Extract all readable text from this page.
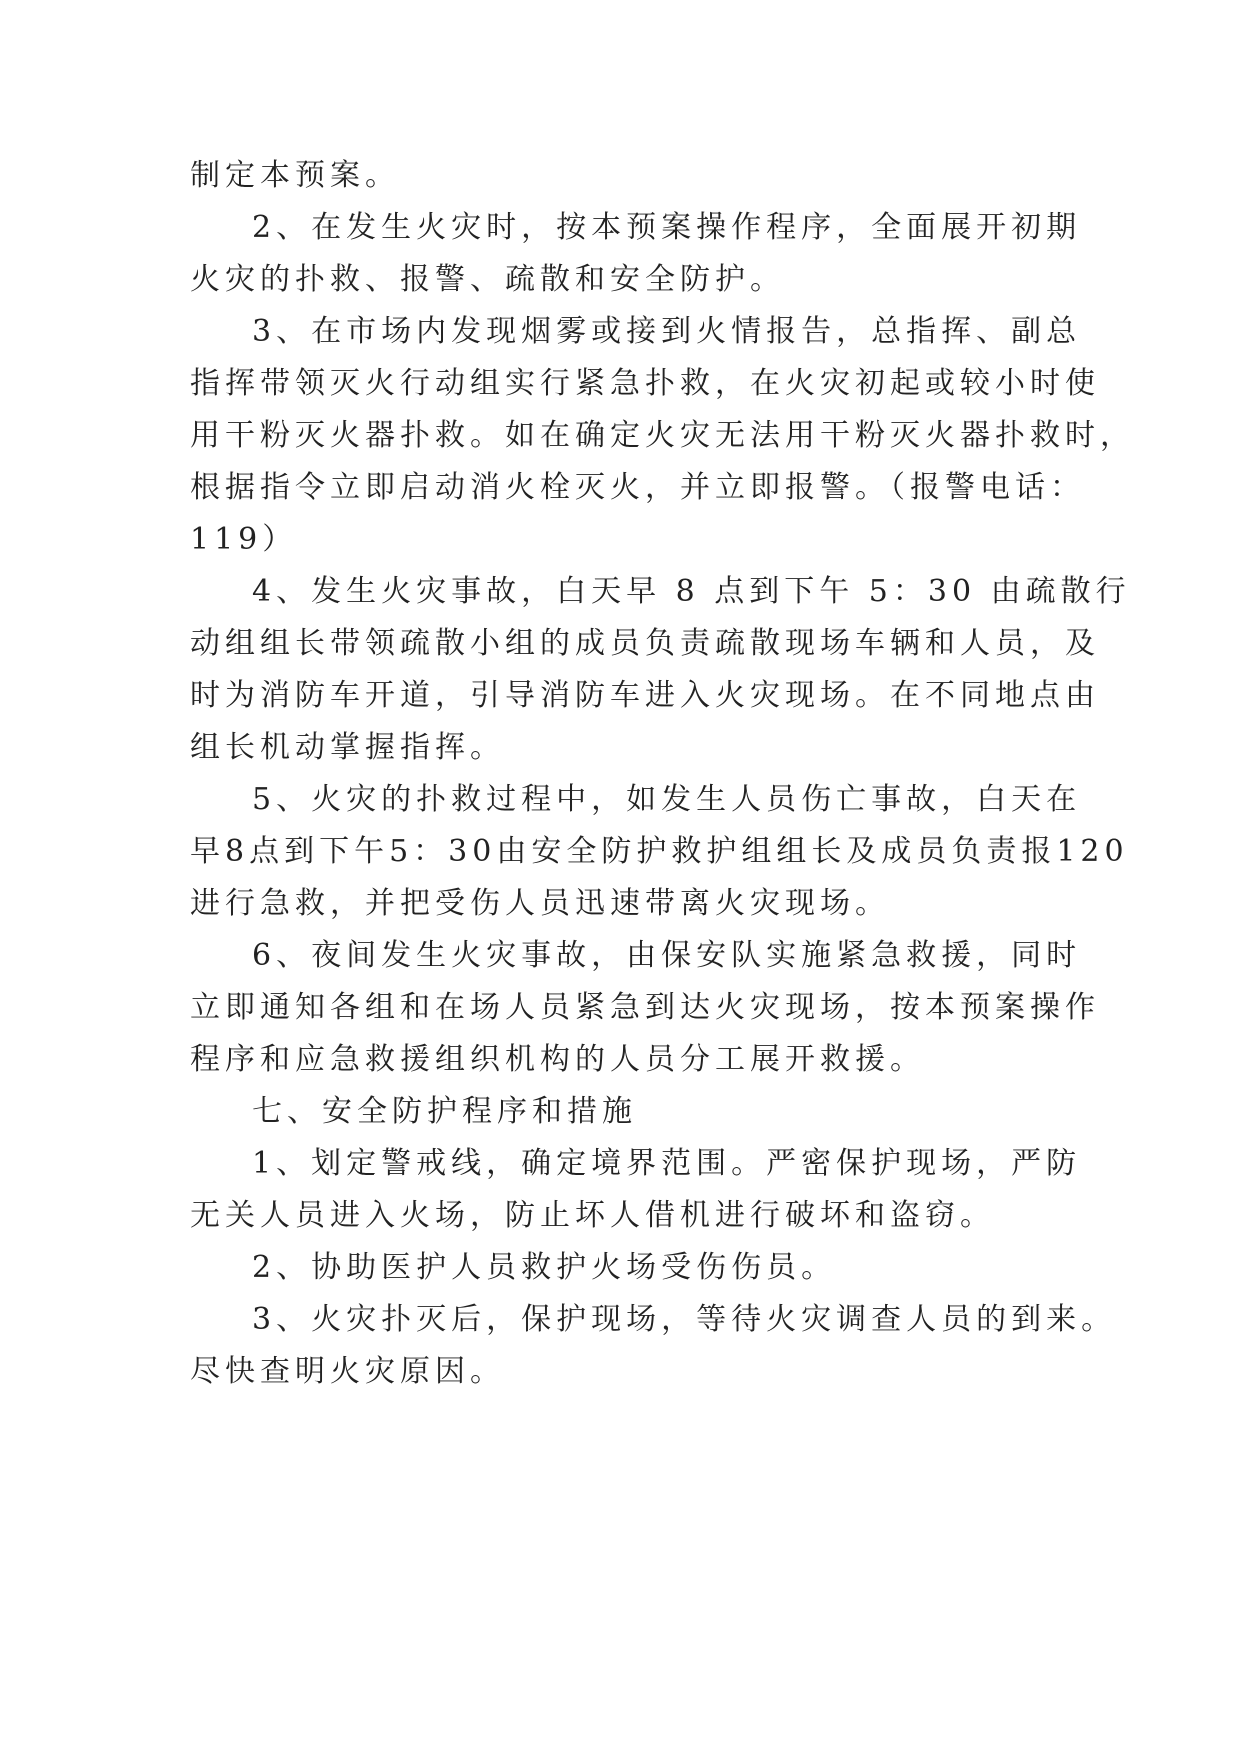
制定本预案。
2、在发生火灾时，按本预案操作程序，全面展开初期
火灾的扑救、报警、疏散和安全防护。
3、在市场内发现烟雾或接到火情报告，总指挥、副总
指挥带领灭火行动组实行紧急扑救，在火灾初起或较小时使
用干粉灭火器扑救。如在确定火灾无法用干粉灭火器扑救时，
根据指令立即启动消火栓灭火，并立即报警。（报警电话：
119）
4、发生火灾事故，白天早 8 点到下午 5：30 由疏散行
动组组长带领疏散小组的成员负责疏散现场车辆和人员，及
时为消防车开道，引导消防车进入火灾现场。在不同地点由
组长机动掌握指挥。
5、火灾的扑救过程中，如发生人员伤亡事故，白天在
早8点到下午5：30由安全防护救护组组长及成员负责报120
进行急救，并把受伤人员迅速带离火灾现场。
6、夜间发生火灾事故，由保安队实施紧急救援，同时
立即通知各组和在场人员紧急到达火灾现场，按本预案操作
程序和应急救援组织机构的人员分工展开救援。
七、安全防护程序和措施
1、划定警戒线，确定境界范围。严密保护现场，严防
无关人员进入火场，防止坏人借机进行破坏和盗窃。
2、协助医护人员救护火场受伤伤员。
3、火灾扑灭后，保护现场，等待火灾调查人员的到来。
尽快查明火灾原因。
